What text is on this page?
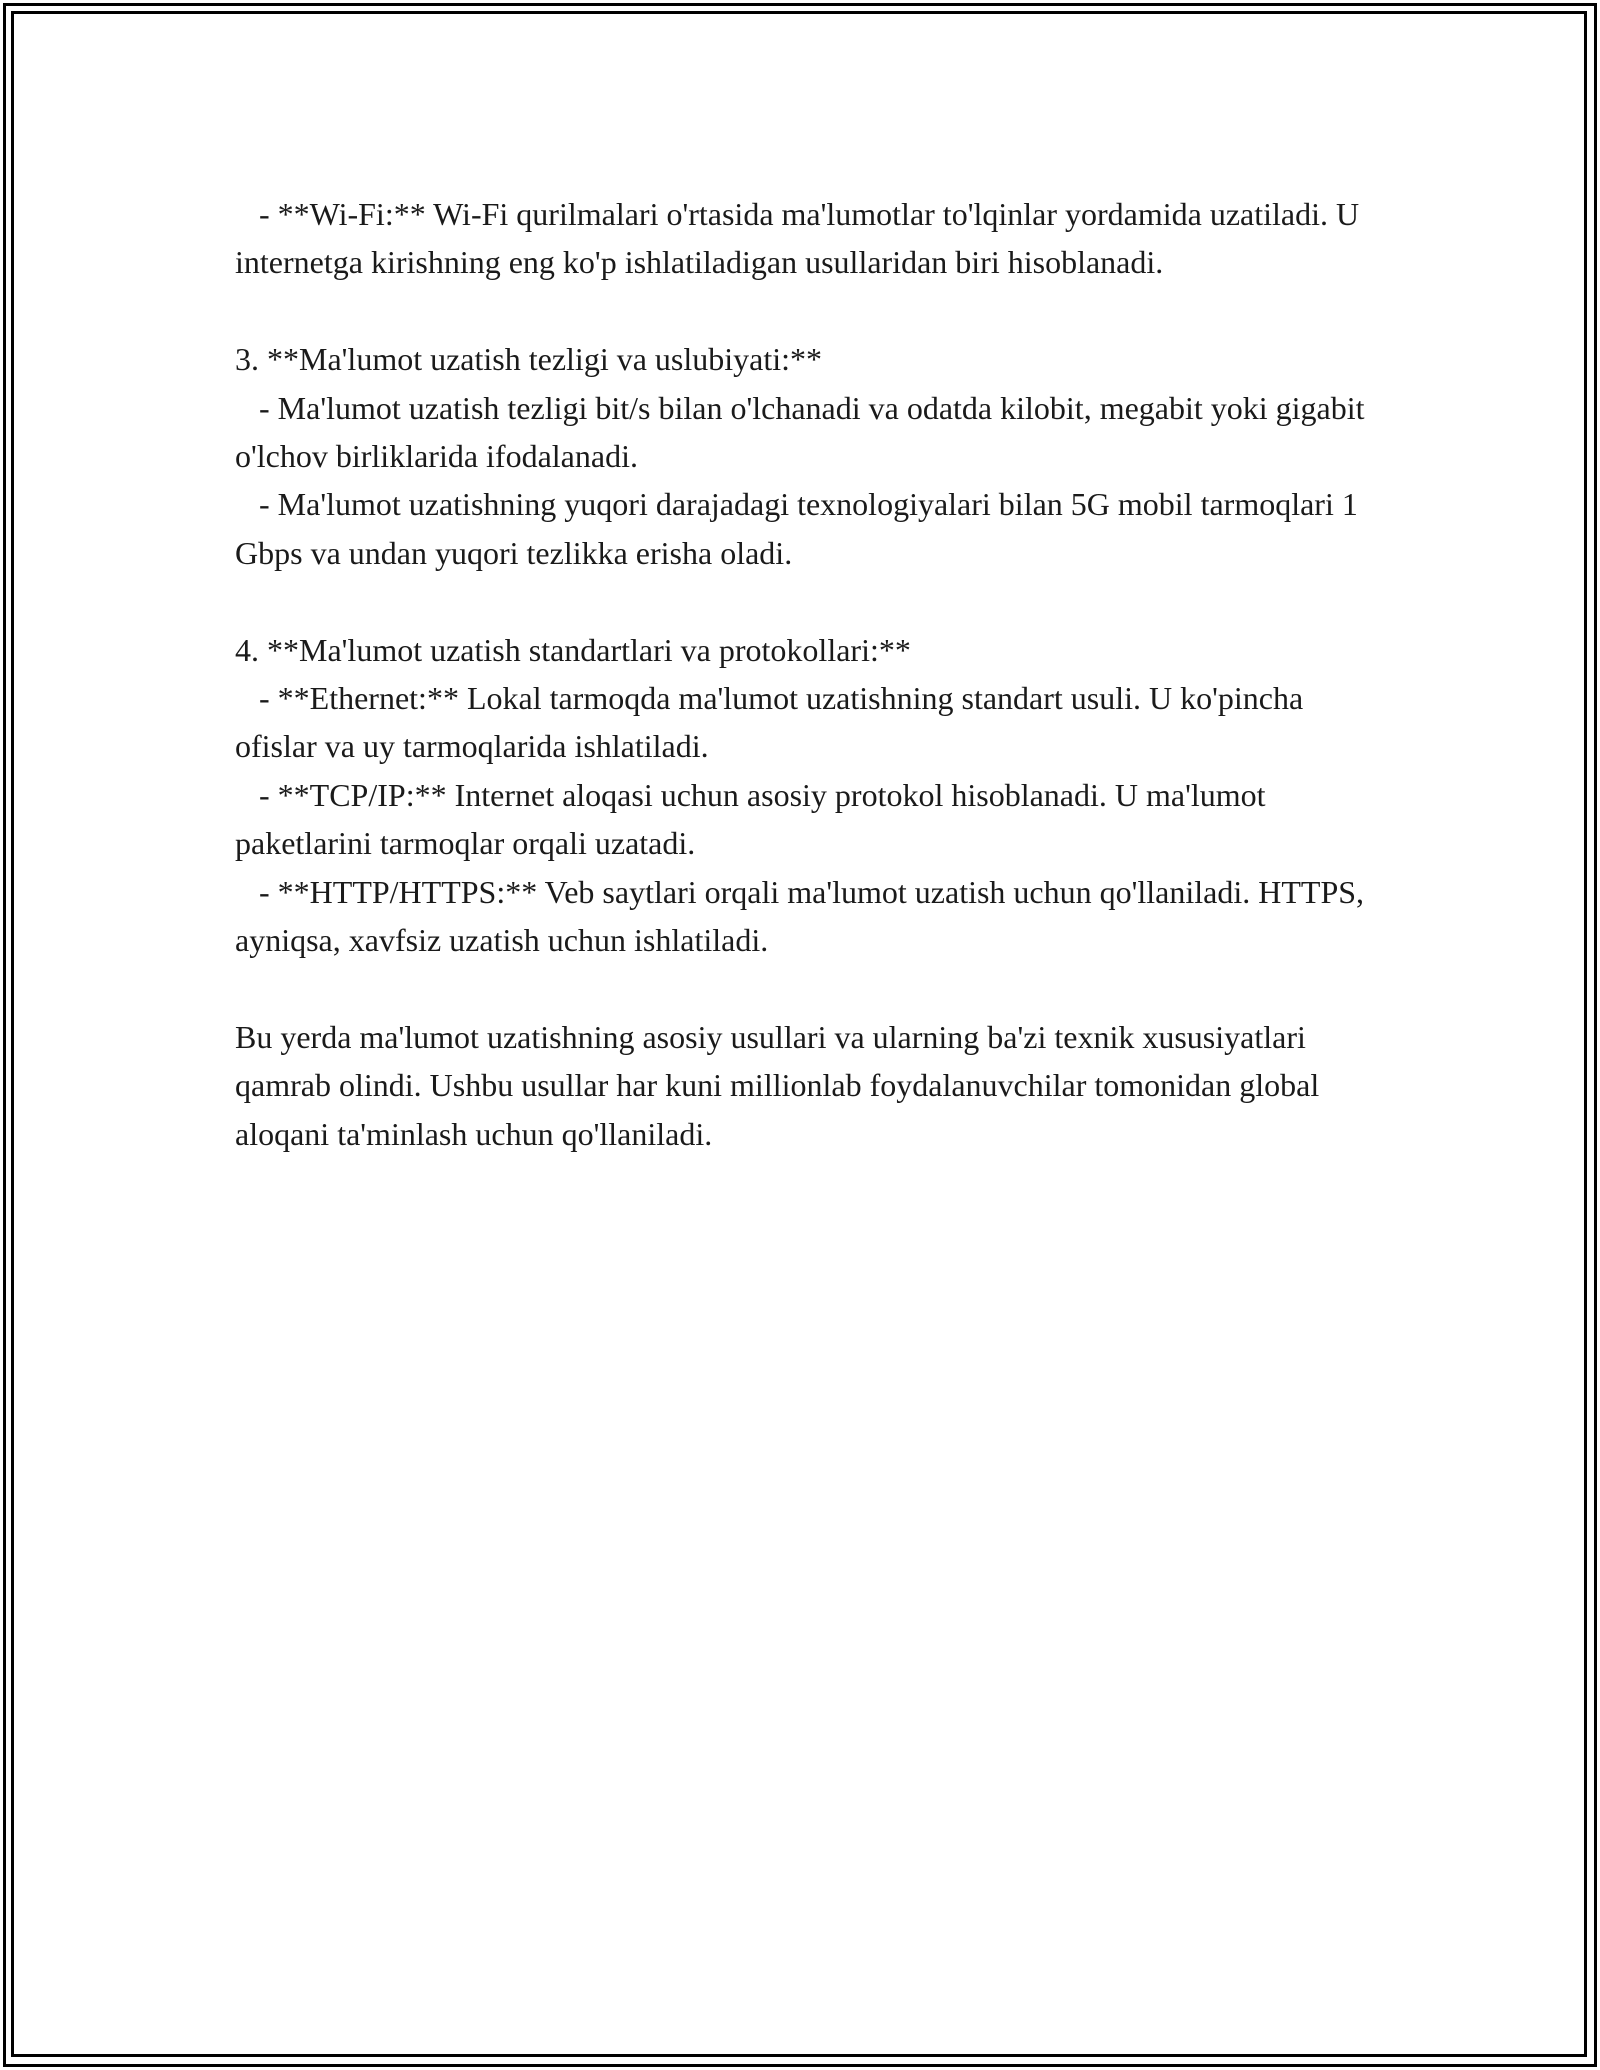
- **Wi-Fi:** Wi-Fi qurilmalari o'rtasida ma'lumotlar to'lqinlar yordamida uzatiladi. U internetga kirishning eng ko'p ishlatiladigan usullaridan biri hisoblanadi.

3. **Ma'lumot uzatish tezligi va uslubiyati:**

- Ma'lumot uzatish tezligi bit/s bilan o'lchanadi va odatda kilobit, megabit yoki gigabit o'lchov birliklarida ifodalanadi.

- Ma'lumot uzatishning yuqori darajadagi texnologiyalari bilan 5G mobil tarmoqlari 1 Gbps va undan yuqori tezlikka erisha oladi.

4. **Ma'lumot uzatish standartlari va protokollari:**

- **Ethernet:** Lokal tarmoqda ma'lumot uzatishning standart usuli. U ko'pincha ofislar va uy tarmoqlarida ishlatiladi.

- **TCP/IP:** Internet aloqasi uchun asosiy protokol hisoblanadi. U ma'lumot paketlarini tarmoqlar orqali uzatadi.

- **HTTP/HTTPS:** Veb saytlari orqali ma'lumot uzatish uchun qo'llaniladi. HTTPS, ayniqsa, xavfsiz uzatish uchun ishlatiladi.

Bu yerda ma'lumot uzatishning asosiy usullari va ularning ba'zi texnik xususiyatlari qamrab olindi. Ushbu usullar har kuni millionlab foydalanuvchilar tomonidan global aloqani ta'minlash uchun qo'llaniladi.
